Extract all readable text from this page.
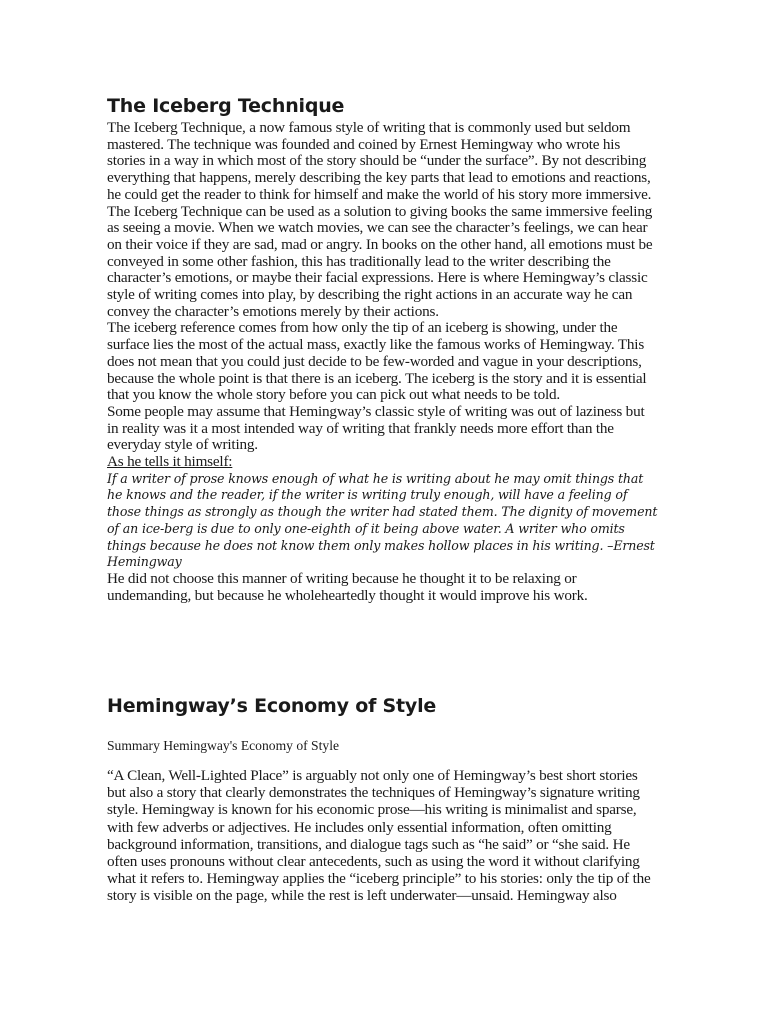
The Iceberg Technique

The Iceberg Technique, a now famous style of writing that is commonly used but seldom mastered. The technique was founded and coined by Ernest Hemingway who wrote his stories in a way in which most of the story should be “under the surface”. By not describing everything that happens, merely describing the key parts that lead to emotions and reactions, he could get the reader to think for himself and make the world of his story more immersive.

The Iceberg Technique can be used as a solution to giving books the same immersive feeling as seeing a movie. When we watch movies, we can see the character’s feelings, we can hear on their voice if they are sad, mad or angry. In books on the other hand, all emotions must be conveyed in some other fashion, this has traditionally lead to the writer describing the character’s emotions, or maybe their facial expressions. Here is where Hemingway’s classic style of writing comes into play, by describing the right actions in an accurate way he can convey the character’s emotions merely by their actions.

The iceberg reference comes from how only the tip of an iceberg is showing, under the surface lies the most of the actual mass, exactly like the famous works of Hemingway. This does not mean that you could just decide to be few-worded and vague in your descriptions, because the whole point is that there is an iceberg. The iceberg is the story and it is essential that you know the whole story before you can pick out what needs to be told.

Some people may assume that Hemingway’s classic style of writing was out of laziness but in reality was it a most intended way of writing that frankly needs more effort than the everyday style of writing.

As he tells it himself:

If a writer of prose knows enough of what he is writing about he may omit things that he knows and the reader, if the writer is writing truly enough, will have a feeling of those things as strongly as though the writer had stated them. The dignity of movement of an ice-berg is due to only one-eighth of it being above water. A writer who omits things because he does not know them only makes hollow places in his writing. –Ernest Hemingway

He did not choose this manner of writing because he thought it to be relaxing or undemanding, but because he wholeheartedly thought it would improve his work.

Hemingway’s Economy of Style
Summary Hemingway's Economy of Style

“A Clean, Well-Lighted Place” is arguably not only one of Hemingway’s best short stories but also a story that clearly demonstrates the techniques of Hemingway’s signature writing style. Hemingway is known for his economic prose—his writing is minimalist and sparse, with few adverbs or adjectives. He includes only essential information, often omitting background information, transitions, and dialogue tags such as “he said” or “she said. He often uses pronouns without clear antecedents, such as using the word it without clarifying what it refers to. Hemingway applies the “iceberg principle” to his stories: only the tip of the story is visible on the page, while the rest is left underwater—unsaid. Hemingway also
